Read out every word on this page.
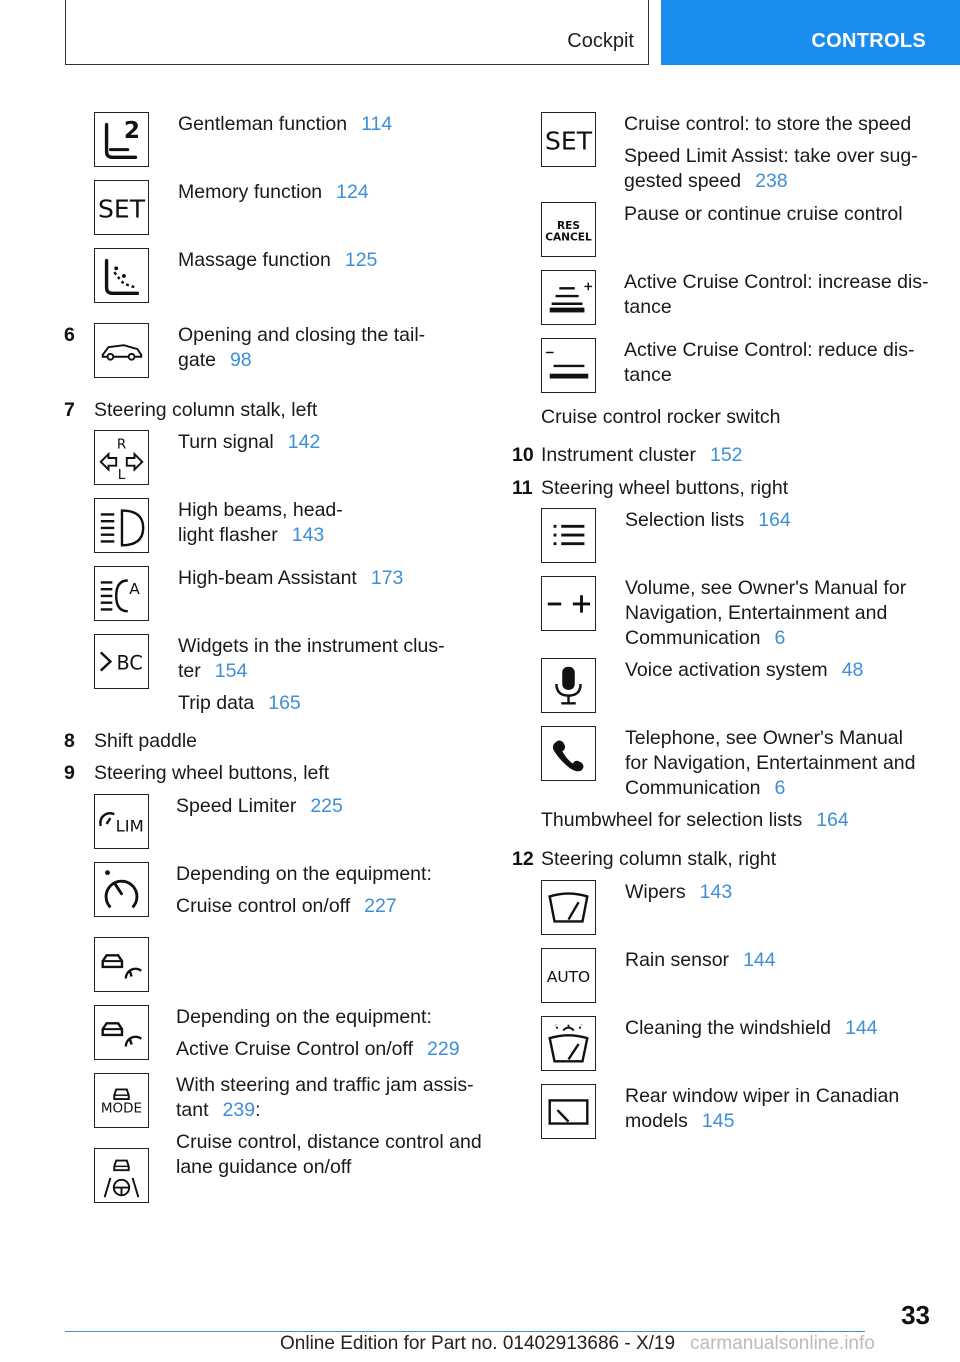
Cockpit	CONTROLS
2 Gentleman function 114
SET
Memory function 124
Massage function 125
6	Opening and closing the tail-
gate 98
7 Steering column stalk, left
R
L
Turn signal 142
High beams, head-
light flasher 143
A High-beam Assistant 173
BC
Widgets in the instrument clus-
ter 154
Trip data 165
8 Shift paddle
9 Steering wheel buttons, left
LIM
Speed Limiter 225
Depending on the equipment:
Cruise control on/off 227
Depending on the equipment:
Active Cruise Control on/off 229
MODE
With steering and traffic jam assis-
tant 239:
Cruise control, distance control and
lane guidance on/off
SET
Cruise control: to store the speed
Speed Limit Assist: take over sug-
gested speed 238
RES
CANCEL
Pause or continue cruise control
Active Cruise Control: increase dis-
tance
Active Cruise Control: reduce dis-
tance
Cruise control rocker switch
10 Instrument cluster 152
11 Steering wheel buttons, right
Selection lists 164
Volume, see Owner's Manual for
Navigation, Entertainment and
Communication 6
Voice activation system 48
Telephone, see Owner's Manual
for Navigation, Entertainment and
Communication 6
Thumbwheel for selection lists 164
12 Steering column stalk, right
Wipers 143
AUTO
Rain sensor 144
Cleaning the windshield 144
Rear window wiper in Canadian
models 145
33
Online Edition for Part no. 01402913686 - X/19 carmanualsonline.info
